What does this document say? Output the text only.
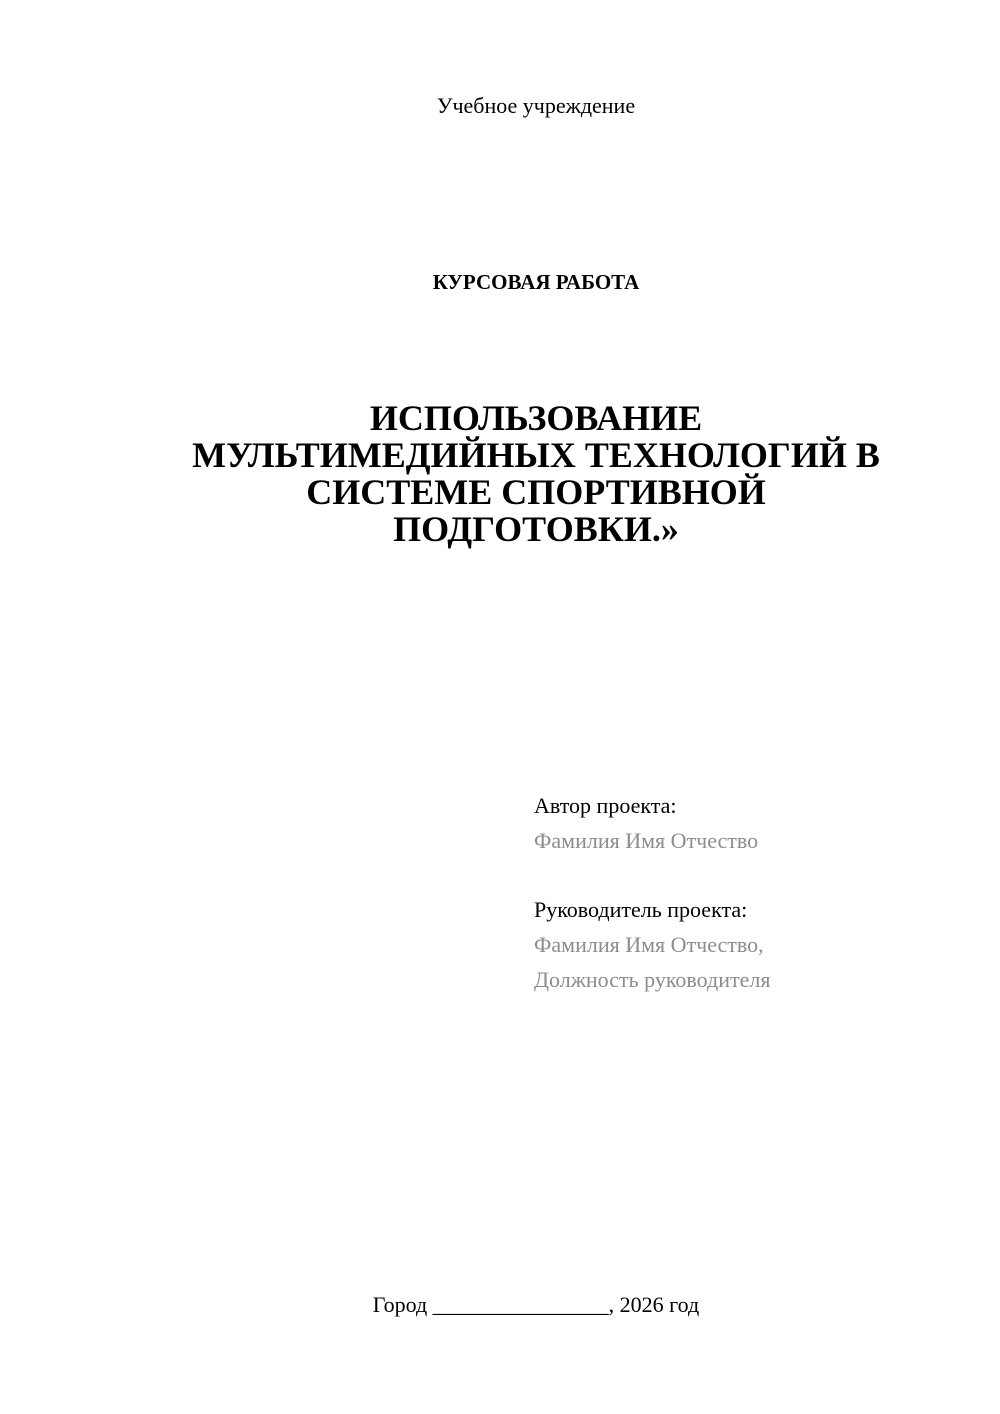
Учебное учреждение
КУРСОВАЯ РАБОТА
ИСПОЛЬЗОВАНИЕ
МУЛЬТИМЕДИЙНЫХ ТЕХНОЛОГИЙ В
СИСТЕМЕ СПОРТИВНОЙ
ПОДГОТОВКИ.»
Автор проекта:
Фамилия Имя Отчество
Руководитель проекта:
Фамилия Имя Отчество,
Должность руководителя
Город ________________, 2026 год
